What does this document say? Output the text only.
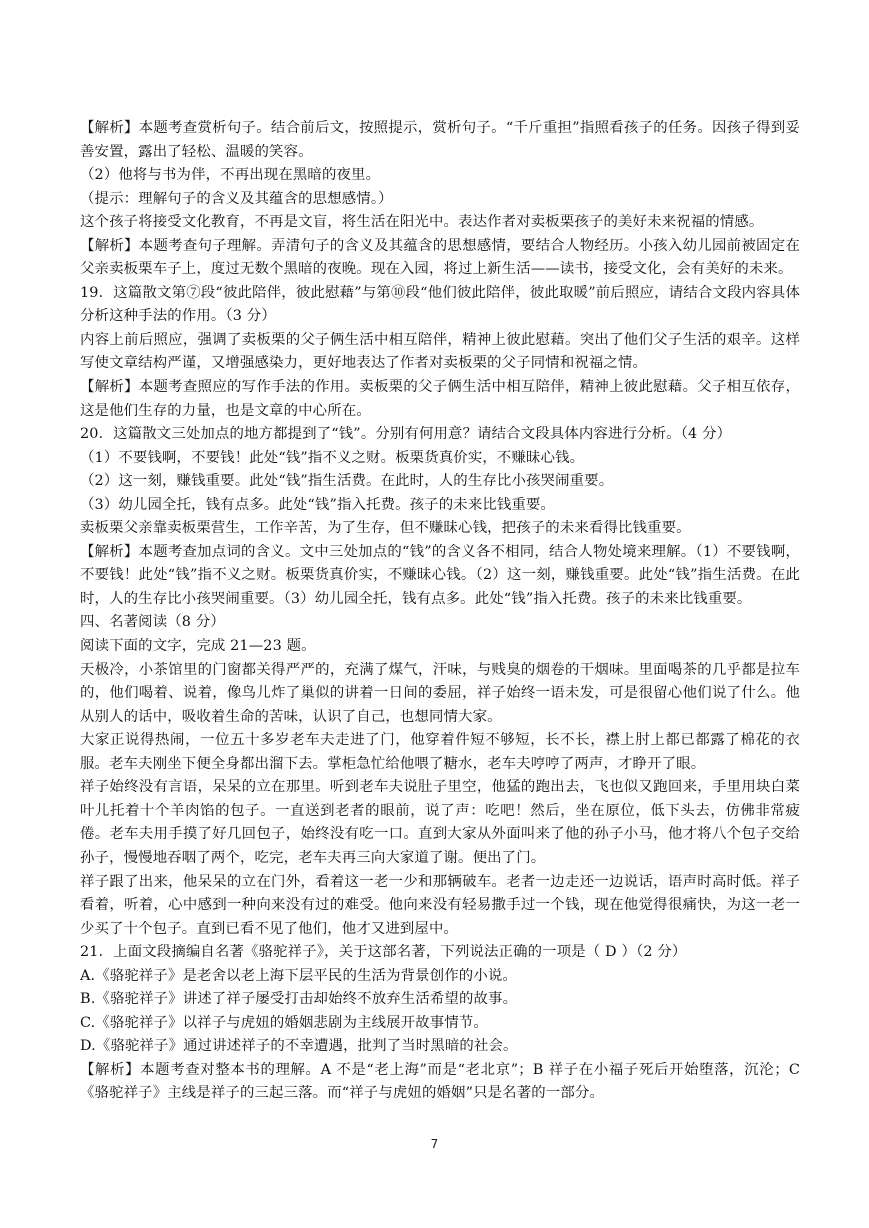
【解析】本题考查赏析句子。结合前后文，按照提示，赏析句子。“千斤重担”指照看孩子的任务。因孩子得到妥善安置，露出了轻松、温暖的笑容。

（2）他将与书为伴，不再出现在黑暗的夜里。

（提示：理解句子的含义及其蕴含的思想感情。）

这个孩子将接受文化教育，不再是文盲，将生活在阳光中。表达作者对卖板栗孩子的美好未来祝福的情感。

【解析】本题考查句子理解。弄清句子的含义及其蕴含的思想感情，要结合人物经历。小孩入幼儿园前被固定在父亲卖板栗车子上，度过无数个黑暗的夜晚。现在入园，将过上新生活——读书，接受文化，会有美好的未来。

19．这篇散文第⑦段“彼此陪伴，彼此慰藉”与第⑩段“他们彼此陪伴，彼此取暖”前后照应，请结合文段内容具体分析这种手法的作用。（3 分）

内容上前后照应，强调了卖板栗的父子俩生活中相互陪伴，精神上彼此慰藉。突出了他们父子生活的艰辛。这样写使文章结构严谨，又增强感染力，更好地表达了作者对卖板栗的父子同情和祝福之情。

【解析】本题考查照应的写作手法的作用。卖板栗的父子俩生活中相互陪伴，精神上彼此慰藉。父子相互依存，这是他们生存的力量，也是文章的中心所在。

20．这篇散文三处加点的地方都提到了“钱”。分别有何用意？请结合文段具体内容进行分析。（4 分）

（1）不要钱啊，不要钱！此处“钱”指不义之财。板栗货真价实，不赚昧心钱。

（2）这一刻，赚钱重要。此处“钱”指生活费。在此时，人的生存比小孩哭闹重要。

（3）幼儿园全托，钱有点多。此处“钱”指入托费。孩子的未来比钱重要。

卖板栗父亲靠卖板栗营生，工作辛苦，为了生存，但不赚昧心钱，把孩子的未来看得比钱重要。

【解析】本题考查加点词的含义。文中三处加点的“钱”的含义各不相同，结合人物处境来理解。（1）不要钱啊，不要钱！此处“钱”指不义之财。板栗货真价实，不赚昧心钱。（2）这一刻，赚钱重要。此处“钱”指生活费。在此时，人的生存比小孩哭闹重要。（3）幼儿园全托，钱有点多。此处“钱”指入托费。孩子的未来比钱重要。

四、名著阅读（8 分）

阅读下面的文字，完成 21—23 题。

天极冷，小茶馆里的门窗都关得严严的，充满了煤气，汗味，与贱臭的烟卷的干烟味。里面喝茶的几乎都是拉车的，他们喝着、说着，像鸟儿炸了巢似的讲着一日间的委屈，祥子始终一语未发，可是很留心他们说了什么。他从别人的话中，吸收着生命的苦味，认识了自己，也想同情大家。

大家正说得热闹，一位五十多岁老车夫走进了门，他穿着件短不够短，长不长，襟上肘上都已都露了棉花的衣服。老车夫刚坐下便全身都出溜下去。掌柜急忙给他喂了糖水，老车夫哼哼了两声，才睁开了眼。

祥子始终没有言语，呆呆的立在那里。听到老车夫说肚子里空，他猛的跑出去，飞也似又跑回来，手里用块白菜叶儿托着十个羊肉馅的包子。一直送到老者的眼前，说了声：吃吧！然后，坐在原位，低下头去，仿佛非常疲倦。老车夫用手摸了好几回包子，始终没有吃一口。直到大家从外面叫来了他的孙子小马，他才将八个包子交给孙子，慢慢地吞咽了两个，吃完，老车夫再三向大家道了谢。便出了门。

祥子跟了出来，他呆呆的立在门外，看着这一老一少和那辆破车。老者一边走还一边说话，语声时高时低。祥子看着，听着，心中感到一种向来没有过的难受。他向来没有轻易撒手过一个钱，现在他觉得很痛快，为这一老一少买了十个包子。直到已看不见了他们，他才又进到屋中。

21．上面文段摘编自名著《骆驼祥子》，关于这部名著，下列说法正确的一项是（ D ）（2 分）

A.《骆驼祥子》是老舍以老上海下层平民的生活为背景创作的小说。

B.《骆驼祥子》讲述了祥子屡受打击却始终不放弃生活希望的故事。

C.《骆驼祥子》以祥子与虎妞的婚姻悲剧为主线展开故事情节。

D.《骆驼祥子》通过讲述祥子的不幸遭遇，批判了当时黑暗的社会。

【解析】本题考查对整本书的理解。A 不是“老上海”而是“老北京”；B 祥子在小福子死后开始堕落，沉沦；C《骆驼祥子》主线是祥子的三起三落。而“祥子与虎妞的婚姻”只是名著的一部分。

7
